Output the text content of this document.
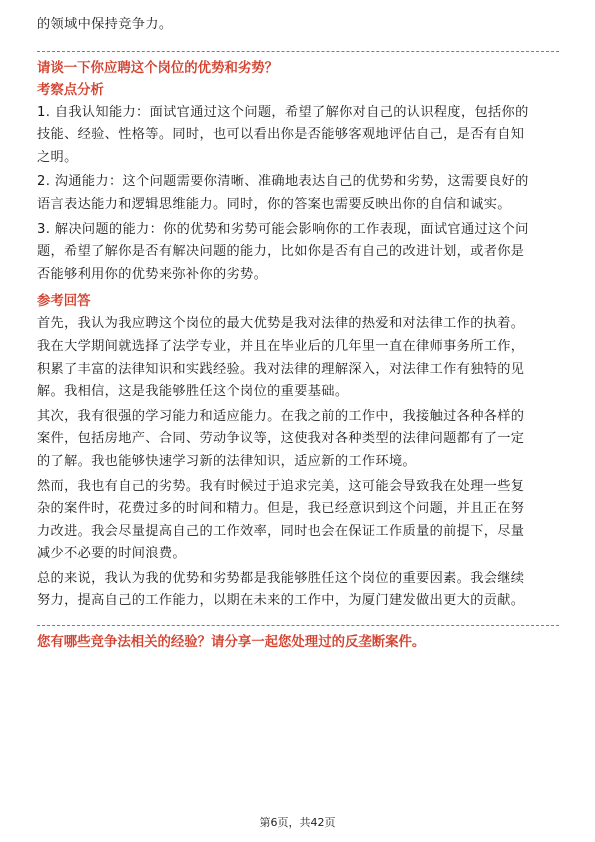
的领域中保持竞争力。
请谈一下你应聘这个岗位的优势和劣势？
考察点分析
1. 自我认知能力：面试官通过这个问题，希望了解你对自己的认识程度，包括你的
技能、经验、性格等。同时，也可以看出你是否能够客观地评估自己，是否有自知
之明。
2. 沟通能力：这个问题需要你清晰、准确地表达自己的优势和劣势，这需要良好的
语言表达能力和逻辑思维能力。同时，你的答案也需要反映出你的自信和诚实。
3. 解决问题的能力：你的优势和劣势可能会影响你的工作表现，面试官通过这个问
题，希望了解你是否有解决问题的能力，比如你是否有自己的改进计划，或者你是
否能够利用你的优势来弥补你的劣势。
参考回答
首先，我认为我应聘这个岗位的最大优势是我对法律的热爱和对法律工作的执着。
我在大学期间就选择了法学专业，并且在毕业后的几年里一直在律师事务所工作，
积累了丰富的法律知识和实践经验。我对法律的理解深入，对法律工作有独特的见
解。我相信，这是我能够胜任这个岗位的重要基础。
其次，我有很强的学习能力和适应能力。在我之前的工作中，我接触过各种各样的
案件，包括房地产、合同、劳动争议等，这使我对各种类型的法律问题都有了一定
的了解。我也能够快速学习新的法律知识，适应新的工作环境。
然而，我也有自己的劣势。我有时候过于追求完美，这可能会导致我在处理一些复
杂的案件时，花费过多的时间和精力。但是，我已经意识到这个问题，并且正在努
力改进。我会尽量提高自己的工作效率，同时也会在保证工作质量的前提下，尽量
减少不必要的时间浪费。
总的来说，我认为我的优势和劣势都是我能够胜任这个岗位的重要因素。我会继续
努力，提高自己的工作能力，以期在未来的工作中，为厦门建发做出更大的贡献。
您有哪些竞争法相关的经验？请分享一起您处理过的反垄断案件。
第6页，共42页
